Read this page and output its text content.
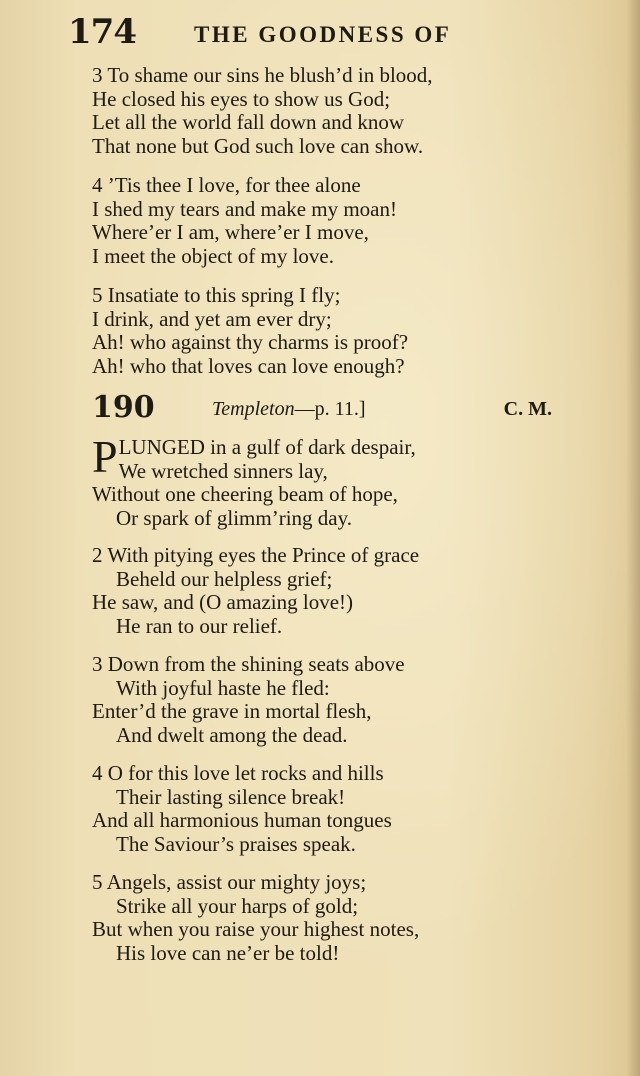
174	THE GOODNESS OF
3 To shame our sins he blush’d in blood,
He closed his eyes to show us God;
Let all the world fall down and know
That none but God such love can show.
4 ’Tis thee I love, for thee alone
I shed my tears and make my moan!
Where’er I am, where’er I move,
I meet the object of my love.
5 Insatiate to this spring I fly;
I drink, and yet am ever dry;
Ah! who against thy charms is proof?
Ah! who that loves can love enough?
190	Templeton—p. 11.]	C. M.
P LUNGED in a gulf of dark despair,
We wretched sinners lay,
Without one cheering beam of hope,
Or spark of glimm’ring day.
2 With pitying eyes the Prince of grace
Beheld our helpless grief;
He saw, and (O amazing love!)
He ran to our relief.
3 Down from the shining seats above
With joyful haste he fled:
Enter’d the grave in mortal flesh,
And dwelt among the dead.
4 O for this love let rocks and hills
Their lasting silence break!
And all harmonious human tongues
The Saviour’s praises speak.
5 Angels, assist our mighty joys;
Strike all your harps of gold;
But when you raise your highest notes,
His love can ne’er be told!
